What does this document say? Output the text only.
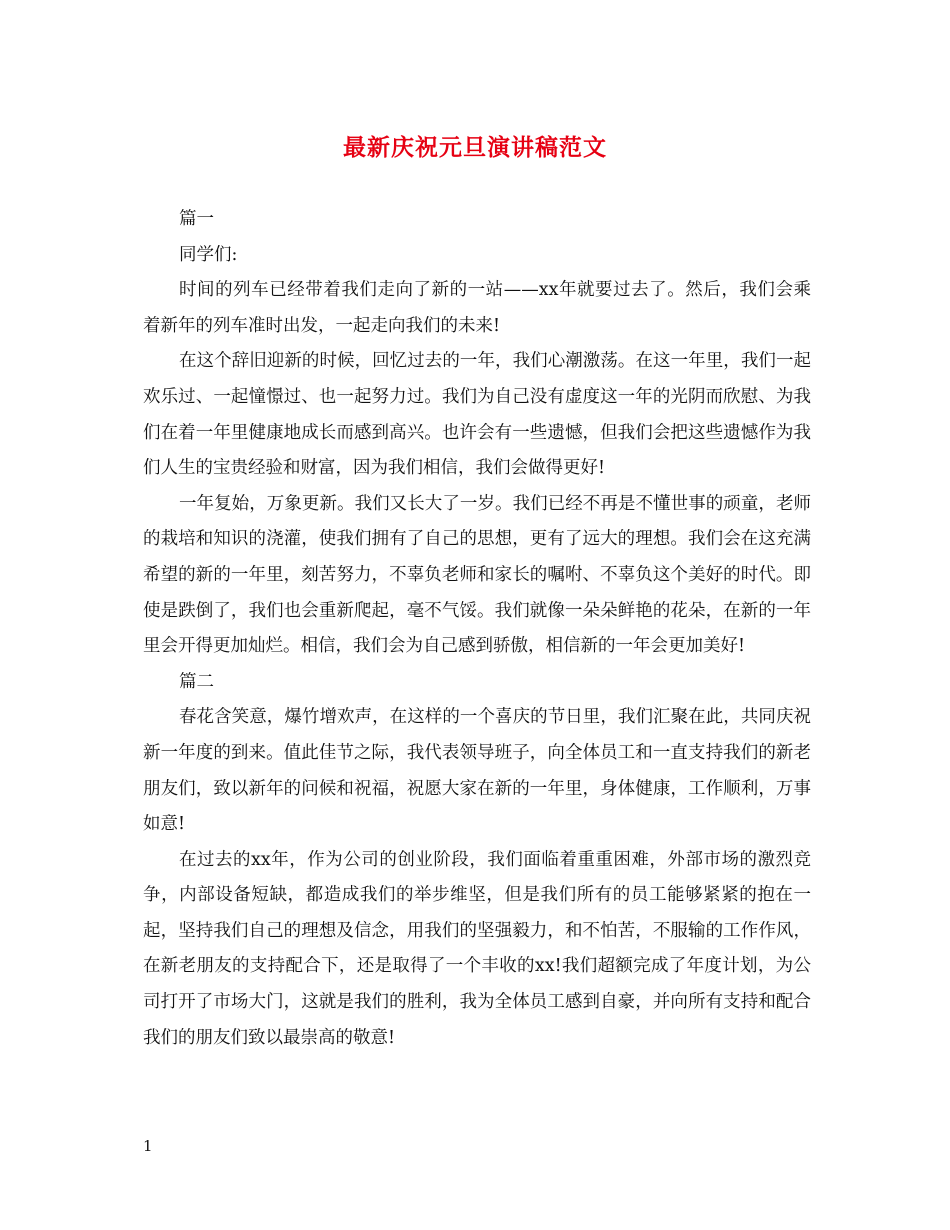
最新庆祝元旦演讲稿范文

篇一

同学们:

时间的列车已经带着我们走向了新的一站——xx年就要过去了。然后，我们会乘着新年的列车准时出发，一起走向我们的未来!

在这个辞旧迎新的时候，回忆过去的一年，我们心潮激荡。在这一年里，我们一起欢乐过、一起憧憬过、也一起努力过。我们为自己没有虚度这一年的光阴而欣慰、为我们在着一年里健康地成长而感到高兴。也许会有一些遗憾，但我们会把这些遗憾作为我们人生的宝贵经验和财富，因为我们相信，我们会做得更好!

一年复始，万象更新。我们又长大了一岁。我们已经不再是不懂世事的顽童，老师的栽培和知识的浇灌，使我们拥有了自己的思想，更有了远大的理想。我们会在这充满希望的新的一年里，刻苦努力，不辜负老师和家长的嘱咐、不辜负这个美好的时代。即使是跌倒了，我们也会重新爬起，毫不气馁。我们就像一朵朵鲜艳的花朵，在新的一年里会开得更加灿烂。相信，我们会为自己感到骄傲，相信新的一年会更加美好!

篇二

春花含笑意，爆竹增欢声，在这样的一个喜庆的节日里，我们汇聚在此，共同庆祝新一年度的到来。值此佳节之际，我代表领导班子，向全体员工和一直支持我们的新老朋友们，致以新年的问候和祝福，祝愿大家在新的一年里，身体健康，工作顺利，万事如意!

在过去的xx年，作为公司的创业阶段，我们面临着重重困难，外部市场的激烈竞争，内部设备短缺，都造成我们的举步维坚，但是我们所有的员工能够紧紧的抱在一起，坚持我们自己的理想及信念，用我们的坚强毅力，和不怕苦，不服输的工作作风，在新老朋友的支持配合下，还是取得了一个丰收的xx!我们超额完成了年度计划，为公司打开了市场大门，这就是我们的胜利，我为全体员工感到自豪，并向所有支持和配合我们的朋友们致以最崇高的敬意!

1
